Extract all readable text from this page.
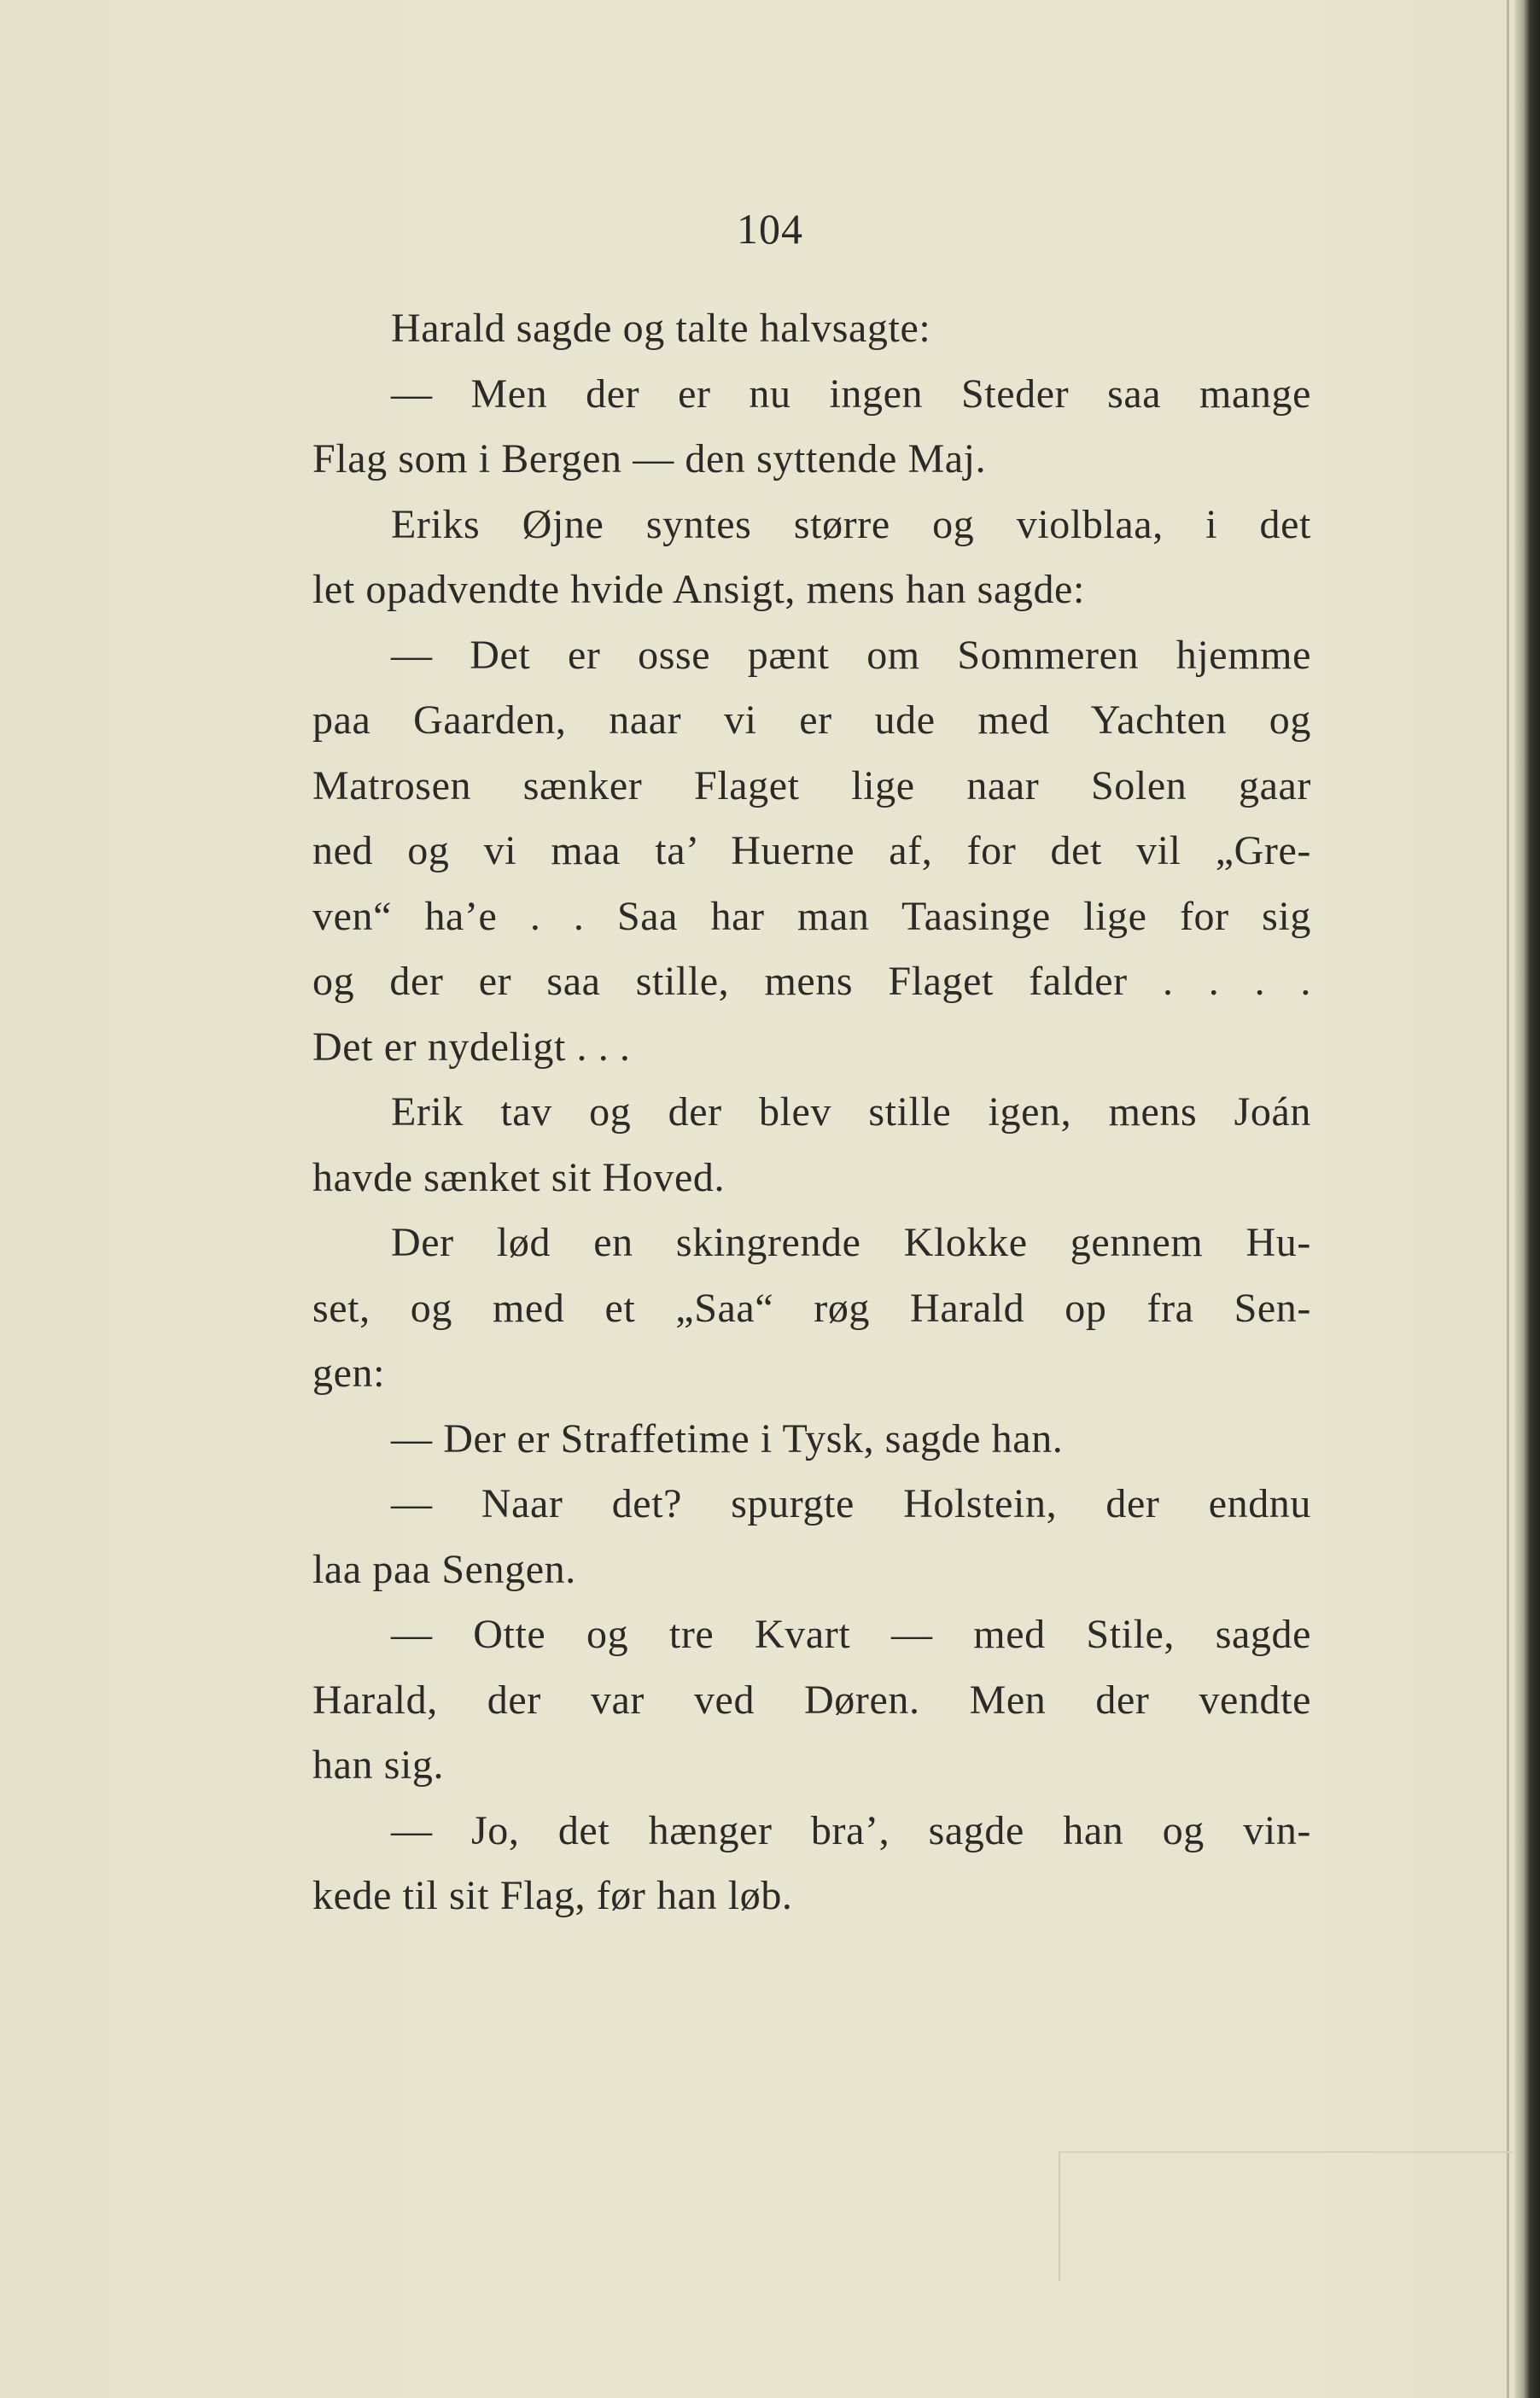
104
Harald sagde og talte halvsagte:
— Men der er nu ingen Steder saa mange
Flag som i Bergen — den syttende Maj.
Eriks Øjne syntes større og violblaa, i det
let opadvendte hvide Ansigt, mens han sagde:
— Det er osse pænt om Sommeren hjemme
paa Gaarden, naar vi er ude med Yachten og
Matrosen sænker Flaget lige naar Solen gaar
ned og vi maa ta’ Huerne af, for det vil „Gre-
ven“ ha’e . . Saa har man Taasinge lige for sig
og der er saa stille, mens Flaget falder . . . .
Det er nydeligt . . .
Erik tav og der blev stille igen, mens Joán
havde sænket sit Hoved.
Der lød en skingrende Klokke gennem Hu-
set, og med et „Saa“ røg Harald op fra Sen-
gen:
— Der er Straffetime i Tysk, sagde han.
— Naar det? spurgte Holstein, der endnu
laa paa Sengen.
— Otte og tre Kvart — med Stile, sagde
Harald, der var ved Døren. Men der vendte
han sig.
— Jo, det hænger bra’, sagde han og vin-
kede til sit Flag, før han løb.
